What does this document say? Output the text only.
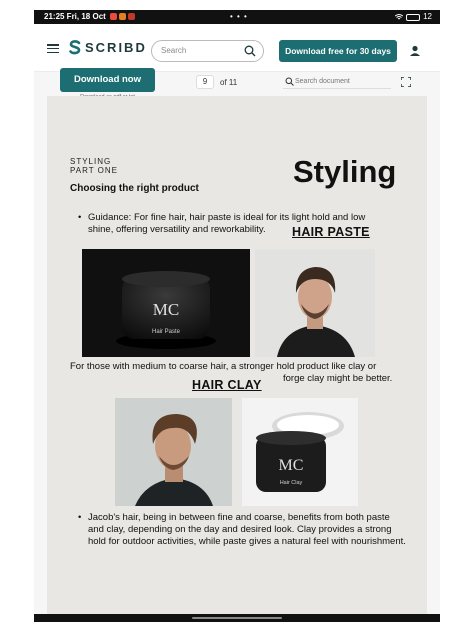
21:25 Fri, 18 Oct	• • •	12
SCRIBD Search	Download free for 30 days
Download now	9	of 11	Search document
STYLING
PART ONE	Styling
Choosing the right product
• Guidance: For fine hair, hair paste is ideal for its light hold and low shine, offering versatility and reworkability.	HAIR PASTE
MC
Hair Paste
For those with medium to coarse hair, a stronger hold product like clay or
forge clay might be better.
HAIR CLAY
MC
Hair Clay
• Jacob's hair, being in between fine and coarse, benefits from both paste and clay, depending on the day and desired look. Clay provides a strong hold for outdoor activities, while paste gives a natural feel with nourishment.
